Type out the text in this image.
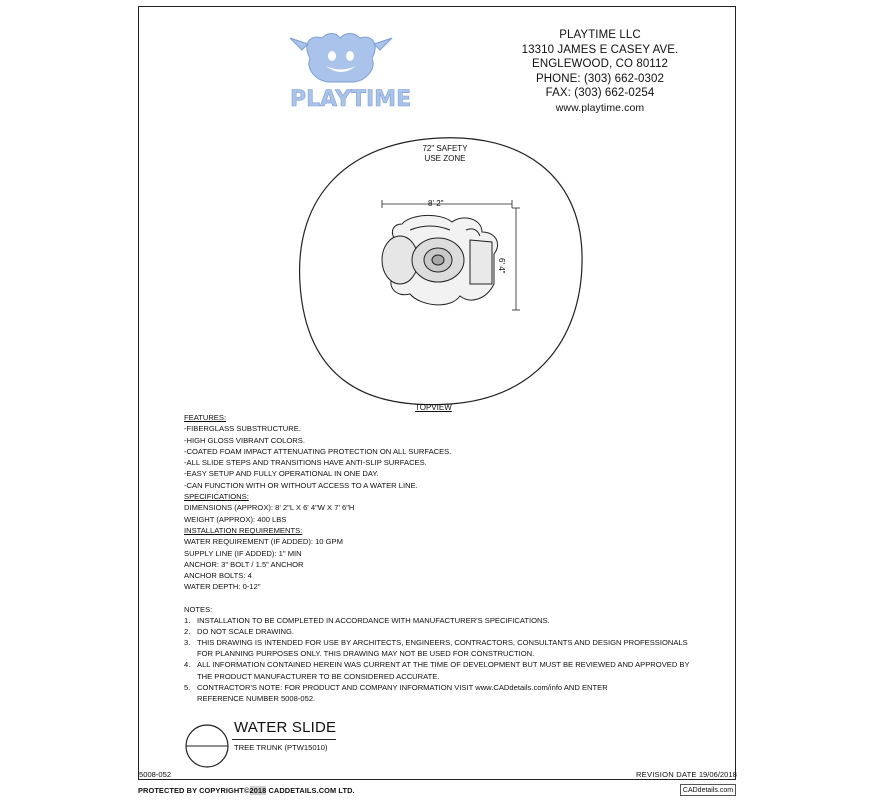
PLAYTIME
PLAYTIME LLC
13310 JAMES E CASEY AVE.
ENGLEWOOD, CO 80112
PHONE: (303) 662-0302
FAX: (303) 662-0254
www.playtime.com
72" SAFETY
USE ZONE
8' 2"
6' 4"
TOPVIEW
FEATURES:
-FIBERGLASS SUBSTRUCTURE.
-HIGH GLOSS VIBRANT COLORS.
-COATED FOAM IMPACT ATTENUATING PROTECTION ON ALL SURFACES.
-ALL SLIDE STEPS AND TRANSITIONS HAVE ANTI-SLIP SURFACES.
-EASY SETUP AND FULLY OPERATIONAL IN ONE DAY.
-CAN FUNCTION WITH OR WITHOUT ACCESS TO A WATER LINE.
SPECIFICATIONS:
DIMENSIONS (APPROX): 8' 2"L X 6' 4"W X 7' 6"H
WEIGHT (APPROX): 400 LBS
INSTALLATION REQUIREMENTS:
WATER REQUIREMENT (IF ADDED): 10 GPM
SUPPLY LINE (IF ADDED): 1" MIN
ANCHOR: 3" BOLT / 1.5" ANCHOR
ANCHOR BOLTS: 4
WATER DEPTH: 0-12"
NOTES:
1. INSTALLATION TO BE COMPLETED IN ACCORDANCE WITH MANUFACTURER'S SPECIFICATIONS.
2. DO NOT SCALE DRAWING.
3. THIS DRAWING IS INTENDED FOR USE BY ARCHITECTS, ENGINEERS, CONTRACTORS, CONSULTANTS AND DESIGN PROFESSIONALS
FOR PLANNING PURPOSES ONLY. THIS DRAWING MAY NOT BE USED FOR CONSTRUCTION.
4. ALL INFORMATION CONTAINED HEREIN WAS CURRENT AT THE TIME OF DEVELOPMENT BUT MUST BE REVIEWED AND APPROVED BY
THE PRODUCT MANUFACTURER TO BE CONSIDERED ACCURATE.
5. CONTRACTOR'S NOTE: FOR PRODUCT AND COMPANY INFORMATION VISIT www.CADdetails.com/info AND ENTER
REFERENCE NUMBER 5008-052.
WATER SLIDE
TREE TRUNK (PTW15010)
5008-052	REVISION DATE 19/06/2018
PROTECTED BY COPYRIGHT©2018 CADDETAILS.COM LTD.	CADdetails.com
